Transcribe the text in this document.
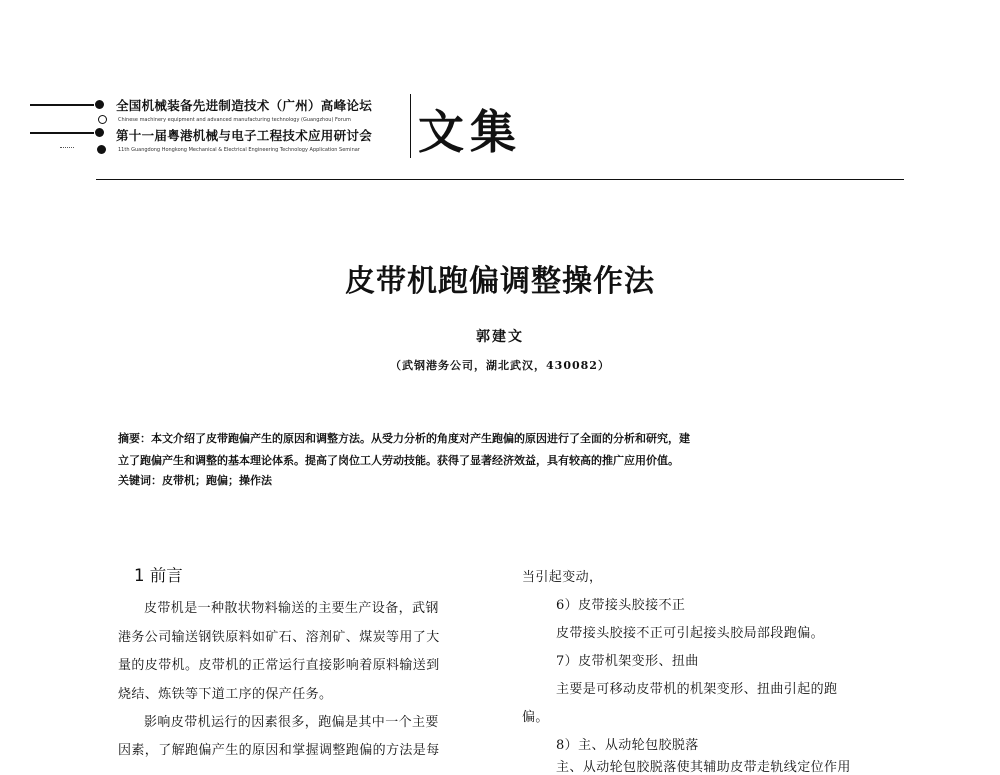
全国机械装备先进制造技术（广州）高峰论坛
Chinese machinery equipment and advanced manufacturing technology (Guangzhou) Forum
第十一届粤港机械与电子工程技术应用研讨会
11th Guangdong Hongkong Mechanical & Electrical Engineering Technology Application Seminar 文集
皮带机跑偏调整操作法
郭建文
（武钢港务公司，湖北武汉，430082）

摘要：本文介绍了皮带跑偏产生的原因和调整方法。从受力分析的角度对产生跑偏的原因进行了全面的分析和研究，建

立了跑偏产生和调整的基本理论体系。提高了岗位工人劳动技能。获得了显著经济效益，具有较高的推广应用价值。

关键词：皮带机；跑偏；操作法
1 前言
皮带机是一种散状物料输送的主要生产设备，武钢
港务公司输送钢铁原料如矿石、溶剂矿、煤炭等用了大
量的皮带机。皮带机的正常运行直接影响着原料输送到
烧结、炼铁等下道工序的保产任务。
影响皮带机运行的因素很多，跑偏是其中一个主要
因素，了解跑偏产生的原因和掌握调整跑偏的方法是每
当引起变动，
6）皮带接头胶接不正
皮带接头胶接不正可引起接头胶局部段跑偏。
7）皮带机架变形、扭曲
主要是可移动皮带机的机架变形、扭曲引起的跑
偏。
8）主、从动轮包胶脱落
主、从动轮包胶脱落使其辅助皮带走轨线定位作用
